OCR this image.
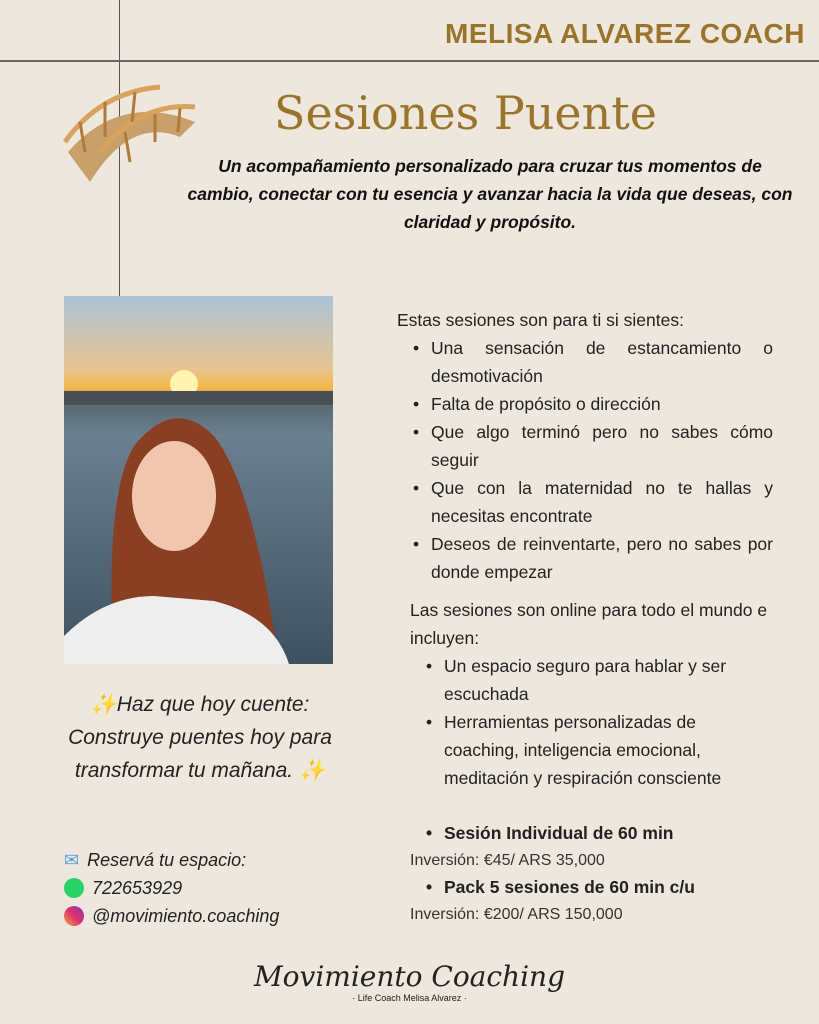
MELISA ALVAREZ COACH
Sesiones Puente
Un acompañamiento personalizado para cruzar tus momentos de cambio, conectar con tu esencia y avanzar hacia la vida que deseas, con claridad y propósito.
✨Haz que hoy cuente: Construye puentes hoy para transformar tu mañana. ✨
Estas sesiones son para ti si sientes:
• Una sensación de estancamiento o desmotivación
• Falta de propósito o dirección
• Que algo terminó pero no sabes cómo seguir
• Que con la maternidad no te hallas y necesitas encontrate
• Deseos de reinventarte, pero no sabes por donde empezar
Las sesiones son online para todo el mundo e incluyen:
• Un espacio seguro para hablar y ser escuchada
• Herramientas personalizadas de coaching, inteligencia emocional, meditación y respiración consciente
• Sesión Individual de 60 min
Inversión: €45/ ARS 35,000
• Pack 5 sesiones de 60 min c/u
Inversión: €200/ ARS 150,000
✉ Reservá tu espacio:
722653929
@movimiento.coaching
Movimiento Coaching
· Life Coach Melisa Alvarez ·
